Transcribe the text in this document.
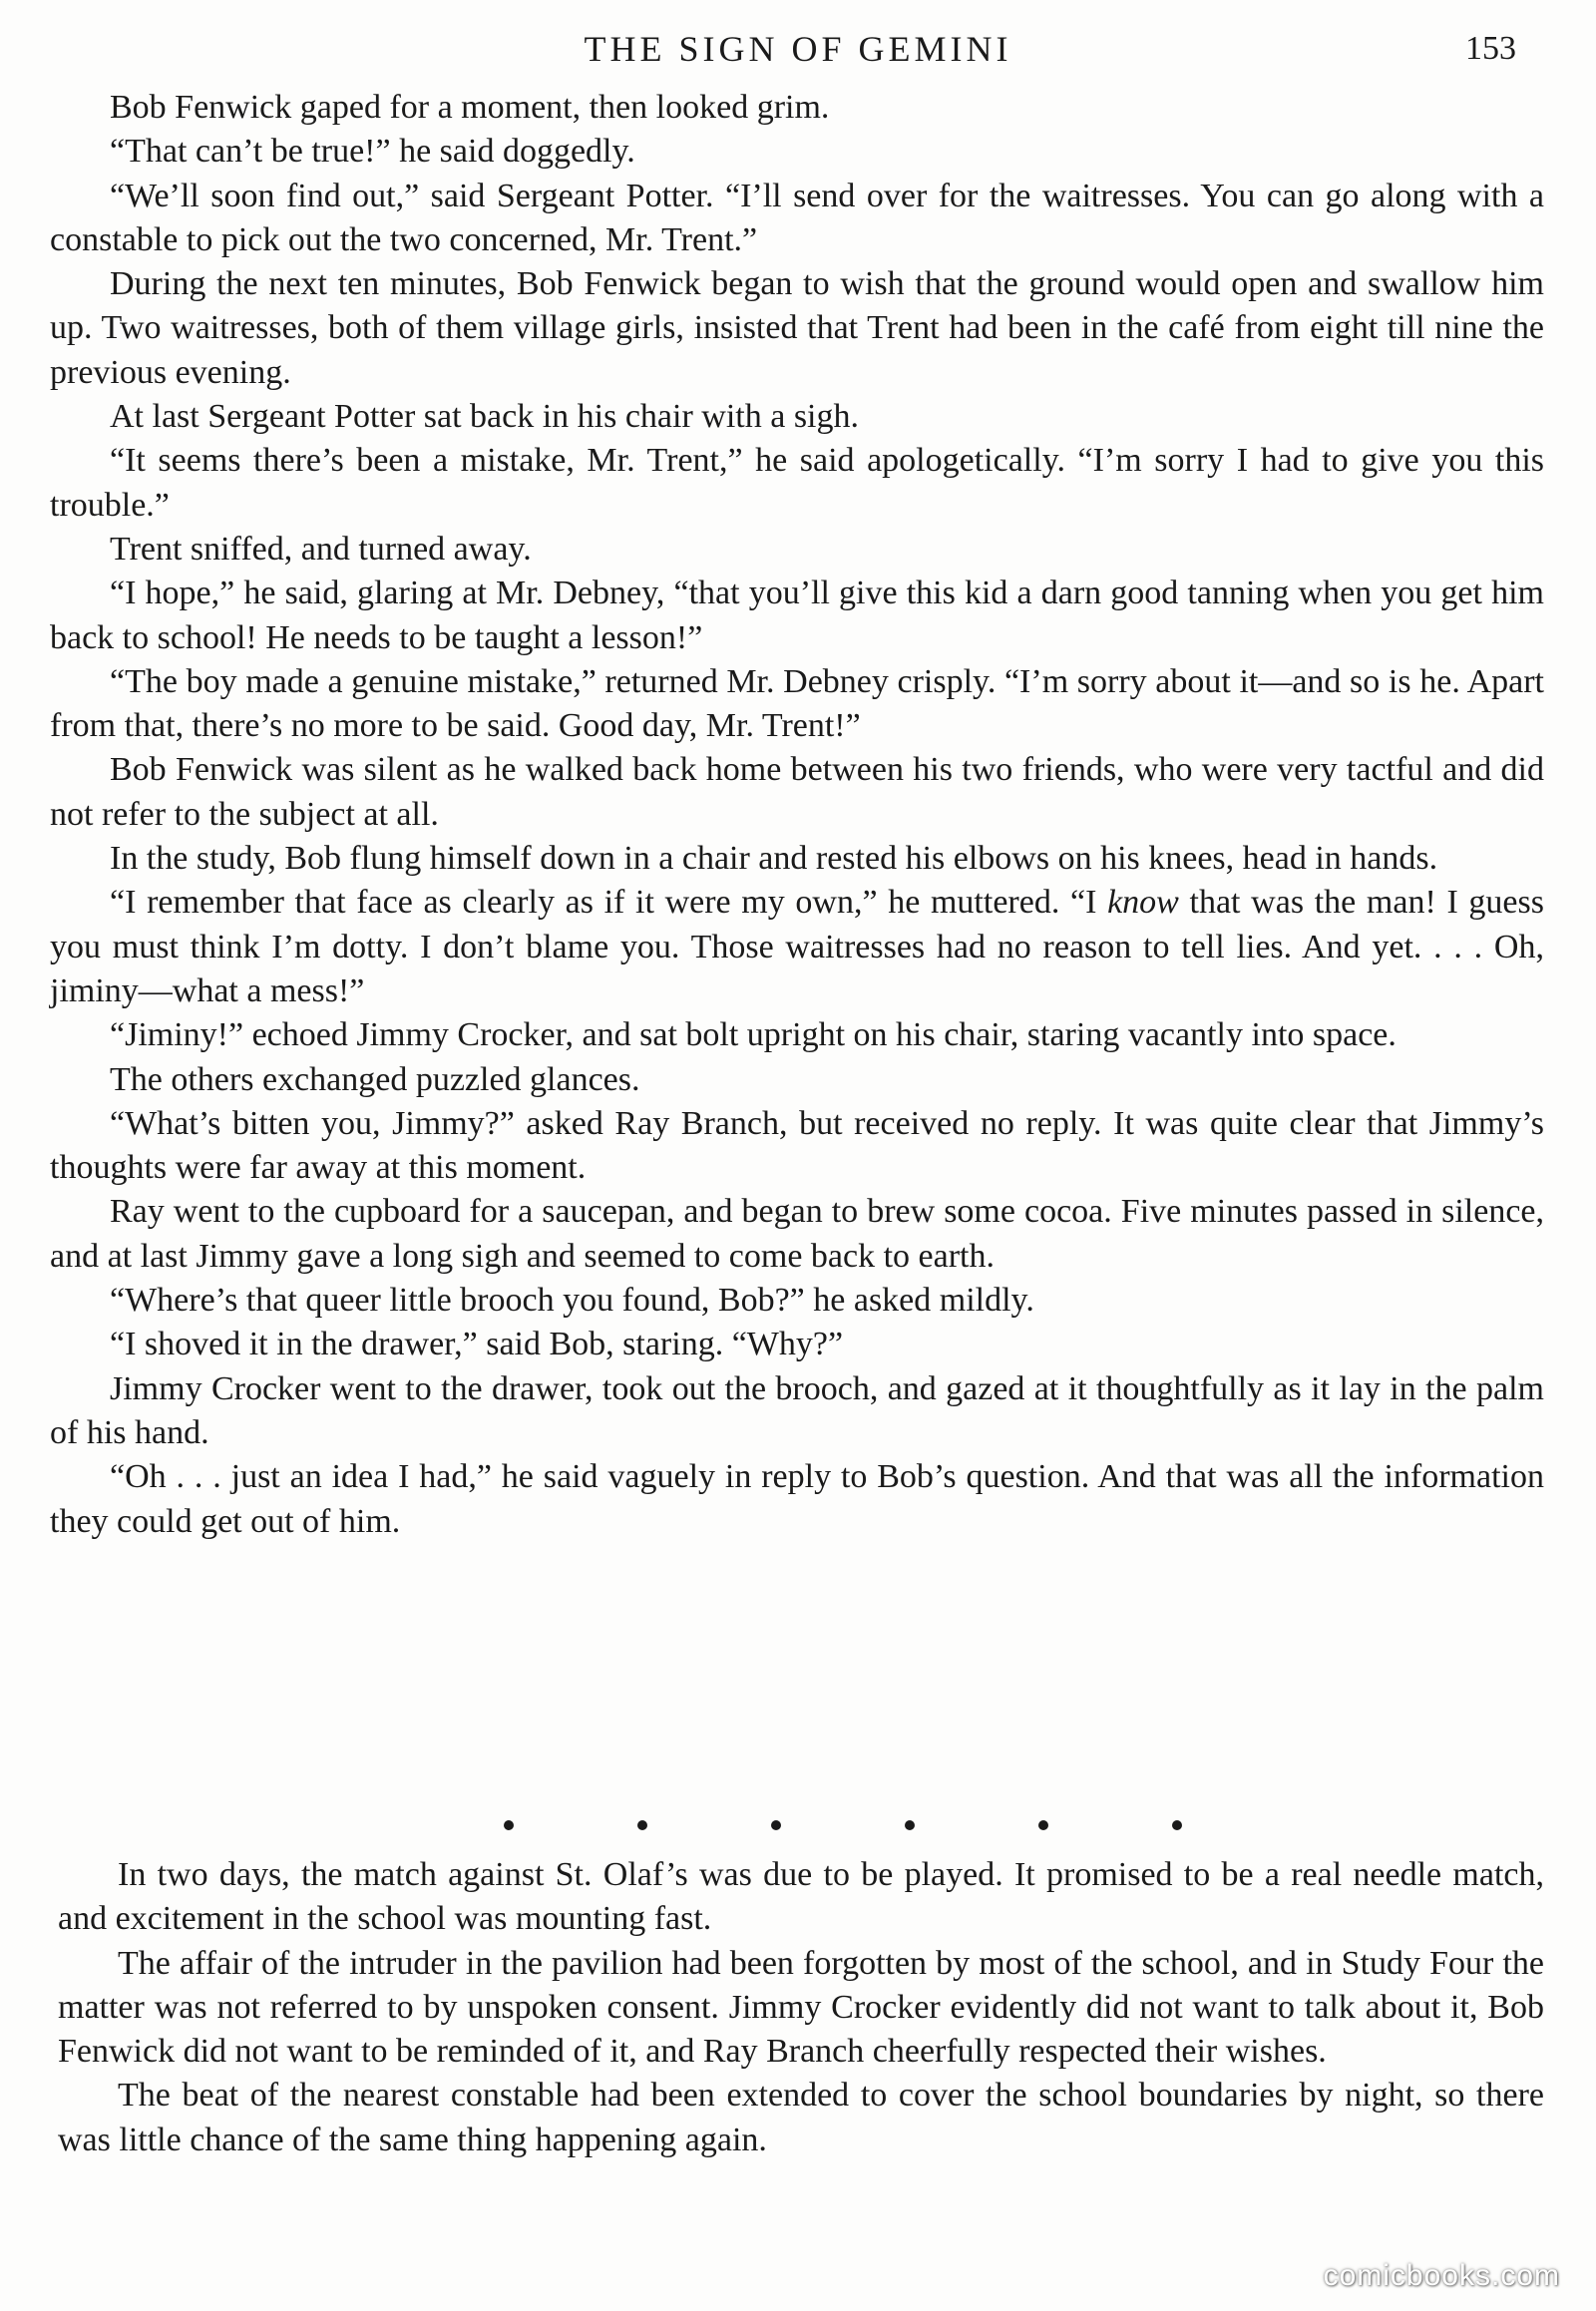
THE SIGN OF GEMINI	153

Bob Fenwick gaped for a moment, then looked grim.

“That can’t be true!” he said doggedly.

“We’ll soon find out,” said Sergeant Potter. “I’ll send over for the waitresses. You can go along with a constable to pick out the two concerned, Mr. Trent.”

During the next ten minutes, Bob Fenwick began to wish that the ground would open and swallow him up. Two waitresses, both of them village girls, insisted that Trent had been in the café from eight till nine the previous evening.

At last Sergeant Potter sat back in his chair with a sigh.

“It seems there’s been a mistake, Mr. Trent,” he said apologetically. “I’m sorry I had to give you this trouble.”

Trent sniffed, and turned away.

“I hope,” he said, glaring at Mr. Debney, “that you’ll give this kid a darn good tanning when you get him back to school! He needs to be taught a lesson!”

“The boy made a genuine mistake,” returned Mr. Debney crisply. “I’m sorry about it—and so is he. Apart from that, there’s no more to be said. Good day, Mr. Trent!”

Bob Fenwick was silent as he walked back home between his two friends, who were very tactful and did not refer to the subject at all.

In the study, Bob flung himself down in a chair and rested his elbows on his knees, head in hands.

“I remember that face as clearly as if it were my own,” he muttered. “I know that was the man! I guess you must think I’m dotty. I don’t blame you. Those waitresses had no reason to tell lies. And yet. . . . Oh, jiminy—what a mess!”

“Jiminy!” echoed Jimmy Crocker, and sat bolt upright on his chair, staring vacantly into space.

The others exchanged puzzled glances.

“What’s bitten you, Jimmy?” asked Ray Branch, but received no reply. It was quite clear that Jimmy’s thoughts were far away at this moment.

Ray went to the cupboard for a saucepan, and began to brew some cocoa. Five minutes passed in silence, and at last Jimmy gave a long sigh and seemed to come back to earth.

“Where’s that queer little brooch you found, Bob?” he asked mildly.

“I shoved it in the drawer,” said Bob, staring. “Why?”

Jimmy Crocker went to the drawer, took out the brooch, and gazed at it thoughtfully as it lay in the palm of his hand.

“Oh . . . just an idea I had,” he said vaguely in reply to Bob’s question. And that was all the information they could get out of him.

In two days, the match against St. Olaf’s was due to be played. It promised to be a real needle match, and excitement in the school was mounting fast.

The affair of the intruder in the pavilion had been forgotten by most of the school, and in Study Four the matter was not referred to by unspoken consent. Jimmy Crocker evidently did not want to talk about it, Bob Fenwick did not want to be reminded of it, and Ray Branch cheerfully respected their wishes.

The beat of the nearest constable had been extended to cover the school boundaries by night, so there was little chance of the same thing happening again.

comicbooks.com
